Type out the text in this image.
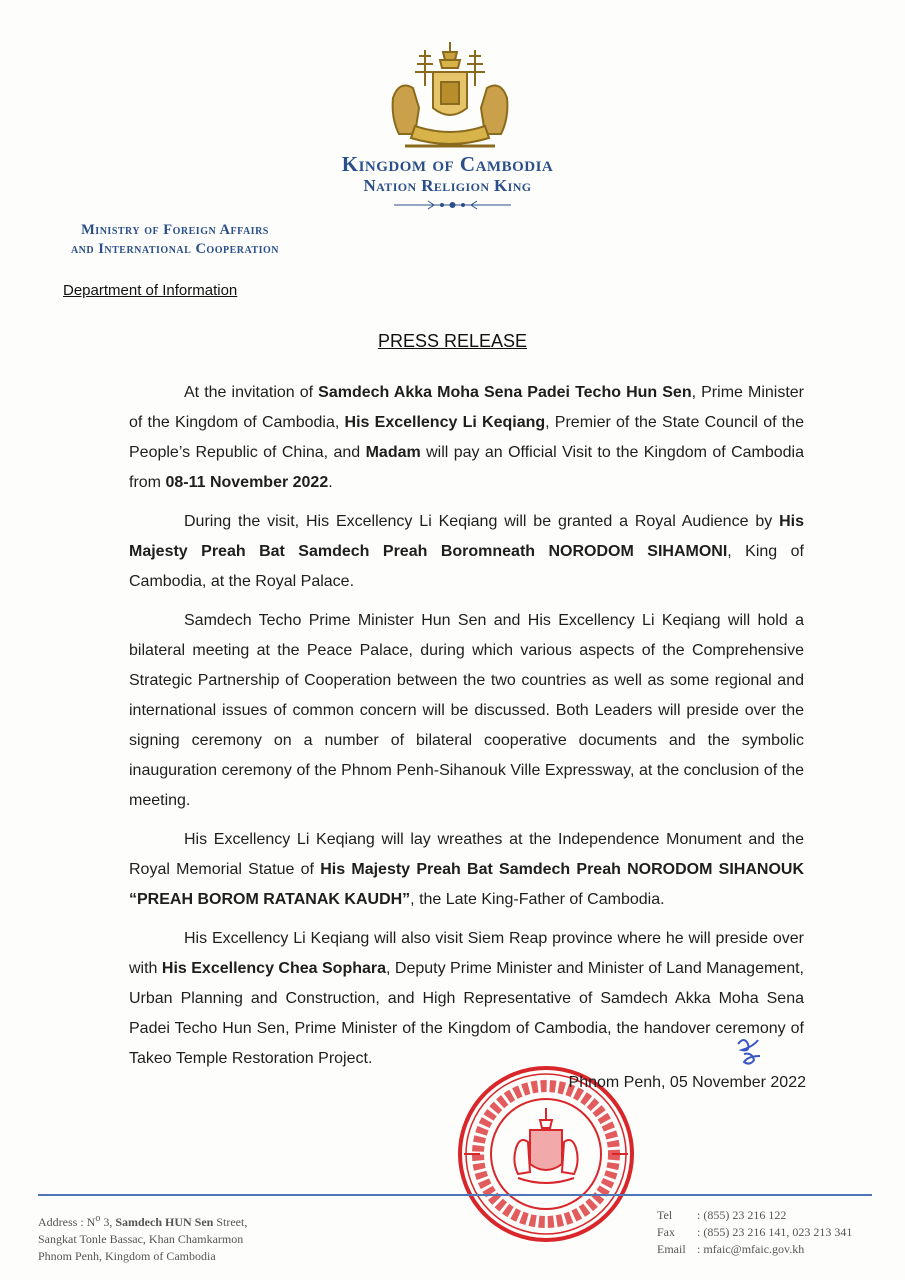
Kingdom of Cambodia
Nation Religion King
Ministry of Foreign Affairs
and International Cooperation
Department of Information
PRESS RELEASE

At the invitation of Samdech Akka Moha Sena Padei Techo Hun Sen, Prime Minister of the Kingdom of Cambodia, His Excellency Li Keqiang, Premier of the State Council of the People’s Republic of China, and Madam will pay an Official Visit to the Kingdom of Cambodia from 08-11 November 2022.

During the visit, His Excellency Li Keqiang will be granted a Royal Audience by His Majesty Preah Bat Samdech Preah Boromneath NORODOM SIHAMONI, King of Cambodia, at the Royal Palace.

Samdech Techo Prime Minister Hun Sen and His Excellency Li Keqiang will hold a bilateral meeting at the Peace Palace, during which various aspects of the Comprehensive Strategic Partnership of Cooperation between the two countries as well as some regional and international issues of common concern will be discussed. Both Leaders will preside over the signing ceremony on a number of bilateral cooperative documents and the symbolic inauguration ceremony of the Phnom Penh-Sihanouk Ville Expressway, at the conclusion of the meeting.

His Excellency Li Keqiang will lay wreathes at the Independence Monument and the Royal Memorial Statue of His Majesty Preah Bat Samdech Preah NORODOM SIHANOUK “PREAH BOROM RATANAK KAUDH”, the Late King-Father of Cambodia.

His Excellency Li Keqiang will also visit Siem Reap province where he will preside over with His Excellency Chea Sophara, Deputy Prime Minister and Minister of Land Management, Urban Planning and Construction, and High Representative of Samdech Akka Moha Sena Padei Techo Hun Sen, Prime Minister of the Kingdom of Cambodia, the handover ceremony of Takeo Temple Restoration Project.

Phnom Penh, 05 November 2022
Address : $N^o$ 3, Samdech HUN Sen Street,
Sangkat Tonle Bassac, Khan Chamkarmon
Phnom Penh, Kingdom of Cambodia
Tel : (855) 23 216 122
Fax : (855) 23 216 141, 023 213 341
Email : mfaic@mfaic.gov.kh
